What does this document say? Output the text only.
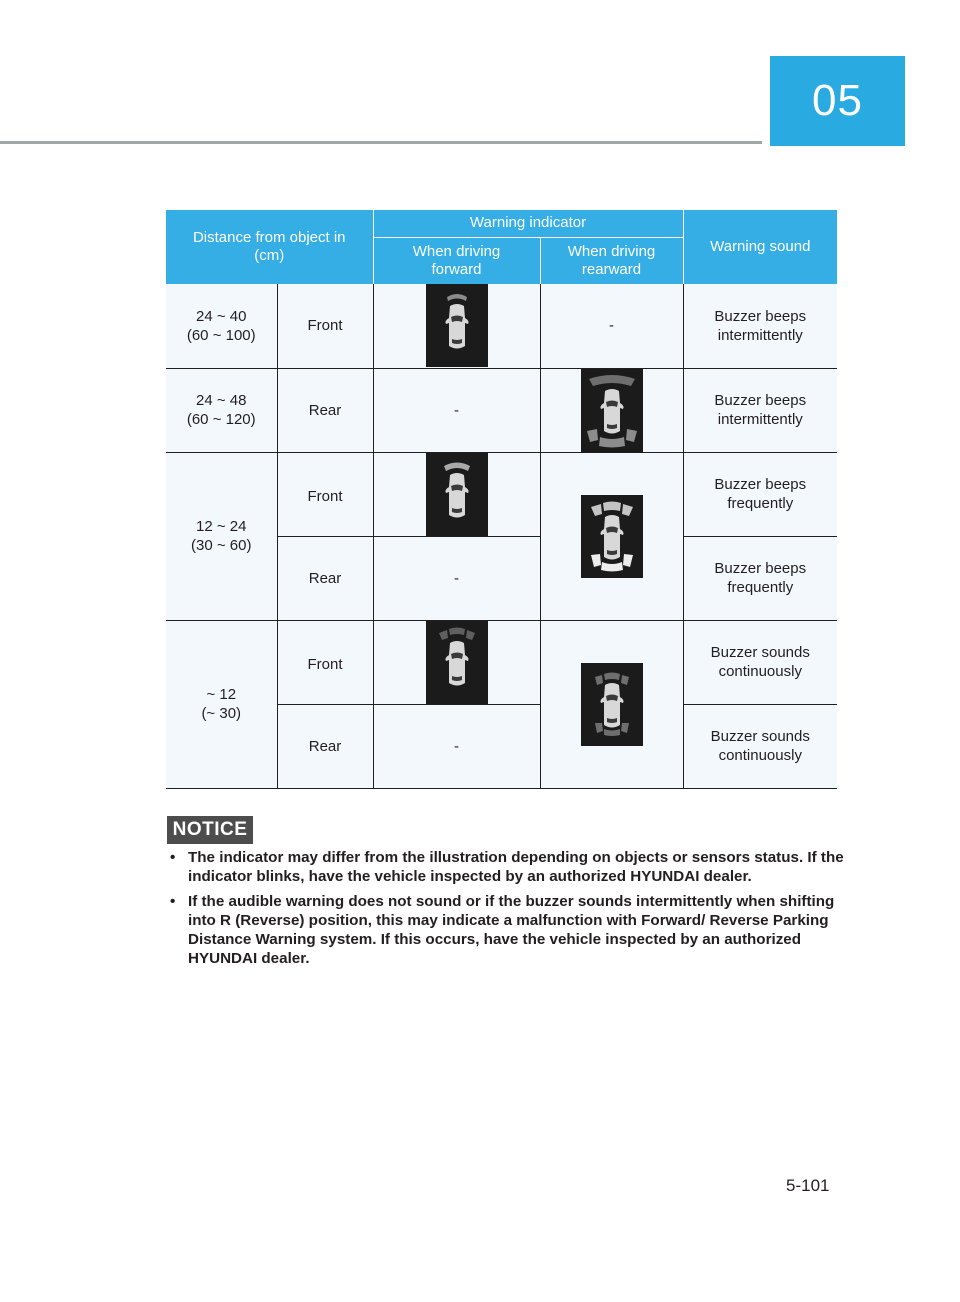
05
Distance from object in (cm)		Warning indicator		Warning sound
		When driving forward	When driving rearward	
24 ~ 40
(60 ~ 100)	Front		-	Buzzer beeps intermittently
24 ~ 48
(60 ~ 120)	Rear	-		Buzzer beeps intermittently
12 ~ 24
(30 ~ 60)	Front			Buzzer beeps frequently
	Rear	-		Buzzer beeps frequently
~ 12
(~ 30)	Front			Buzzer sounds continuously
	Rear	-		Buzzer sounds continuously
NOTICE
• The indicator may differ from the illustration depending on objects or sensors status. If the indicator blinks, have the vehicle inspected by an authorized HYUNDAI dealer.
• If the audible warning does not sound or if the buzzer sounds intermittently when shifting into R (Reverse) position, this may indicate a malfunction with Forward/ Reverse Parking Distance Warning system. If this occurs, have the vehicle inspected by an authorized HYUNDAI dealer.
5-101
